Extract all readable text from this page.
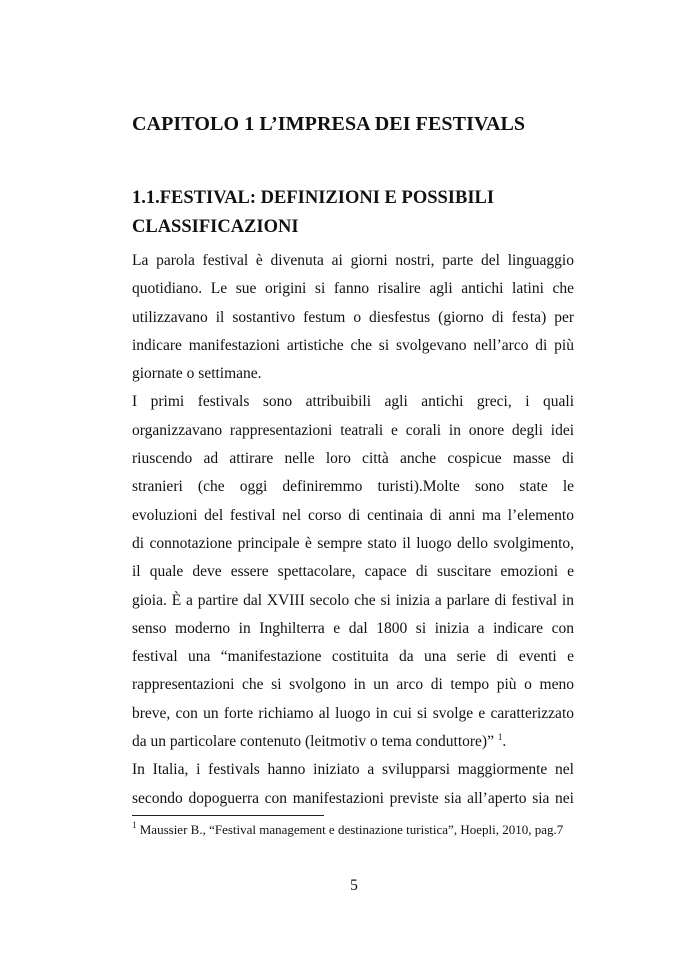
CAPITOLO 1 L’IMPRESA DEI FESTIVALS
1.1.FESTIVAL: DEFINIZIONI E POSSIBILI
CLASSIFICAZIONI
La parola festival è divenuta ai giorni nostri, parte del linguaggio
quotidiano. Le sue origini si fanno risalire agli antichi latini che
utilizzavano il sostantivo festum o diesfestus (giorno di festa) per
indicare manifestazioni artistiche che si svolgevano nell’arco di più
giornate o settimane.
I primi festivals sono attribuibili agli antichi greci, i quali
organizzavano rappresentazioni teatrali e corali in onore degli idei
riuscendo ad attirare nelle loro città anche cospicue masse di
stranieri (che oggi definiremmo turisti).Molte sono state le
evoluzioni del festival nel corso di centinaia di anni ma l’elemento
di connotazione principale è sempre stato il luogo dello svolgimento,
il quale deve essere spettacolare, capace di suscitare emozioni e
gioia. È a partire dal XVIII secolo che si inizia a parlare di festival in
senso moderno in Inghilterra e dal 1800 si inizia a indicare con
festival una “manifestazione costituita da una serie di eventi e
rappresentazioni che si svolgono in un arco di tempo più o meno
breve, con un forte richiamo al luogo in cui si svolge e caratterizzato
da un particolare contenuto (leitmotiv o tema conduttore)” $^1$.
In Italia, i festivals hanno iniziato a svilupparsi maggiormente nel
secondo dopoguerra con manifestazioni previste sia all’aperto sia nei
$^1$ Maussier B., “Festival management e destinazione turistica”, Hoepli, 2010, pag.7
5
